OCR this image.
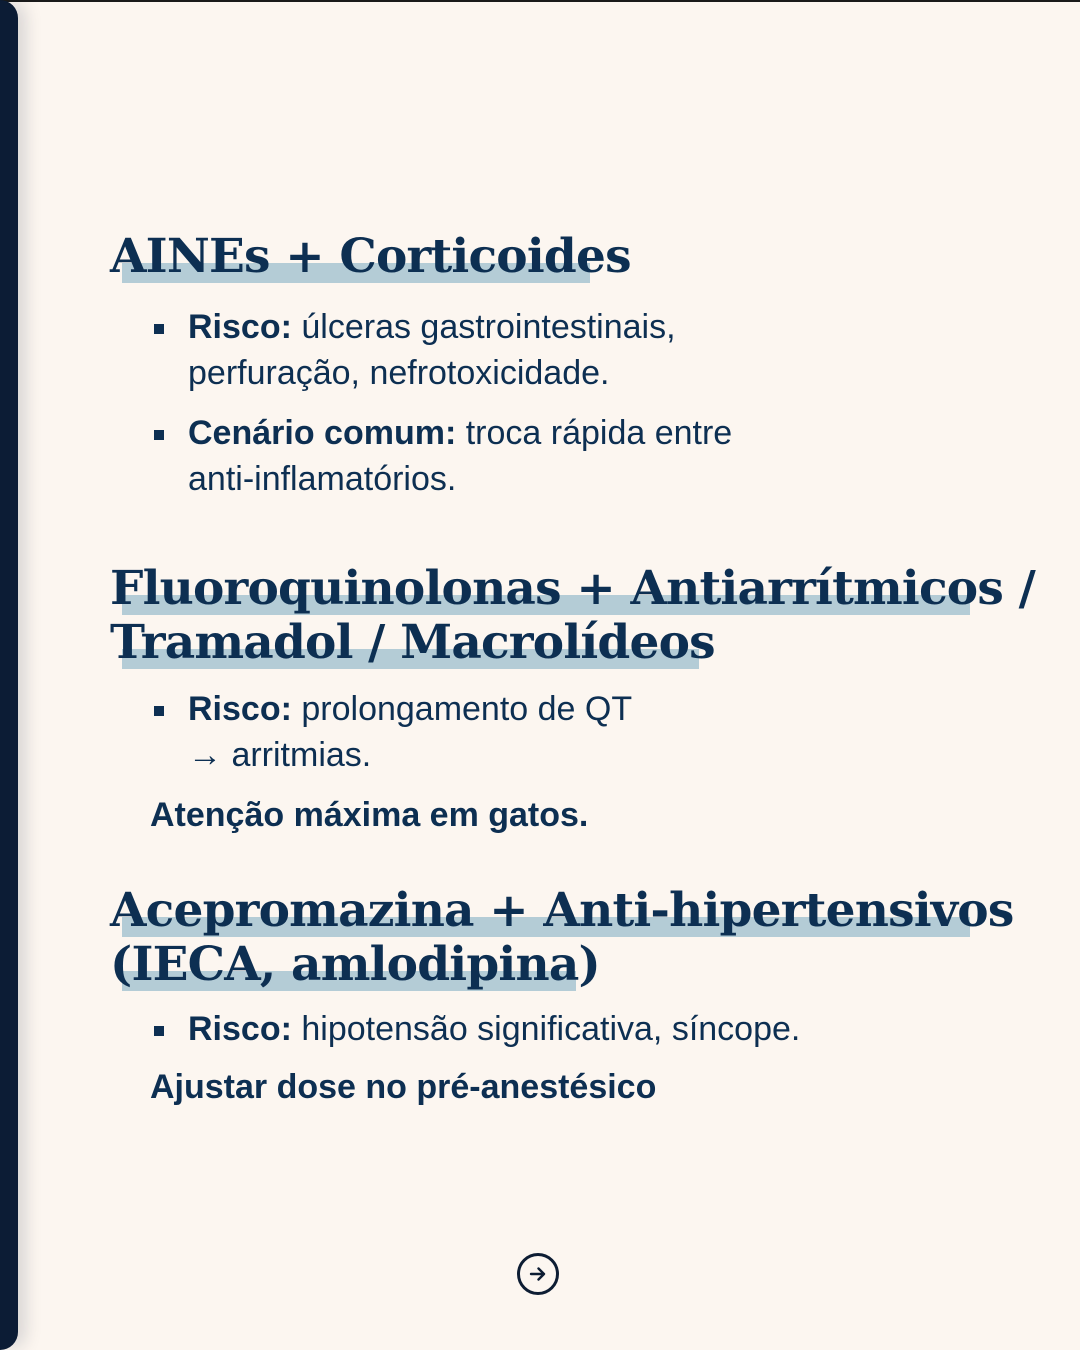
AINEs + Corticoides
Risco: úlceras gastrointestinais,
perfuração, nefrotoxicidade.
Cenário comum: troca rápida entre
anti-inflamatórios.
Fluoroquinolonas + Antiarrítmicos /
Tramadol / Macrolídeos
Risco: prolongamento de QT
→ arritmias.
Atenção máxima em gatos.
Acepromazina + Anti-hipertensivos
(IECA, amlodipina)
Risco: hipotensão significativa, síncope.
Ajustar dose no pré-anestésico
